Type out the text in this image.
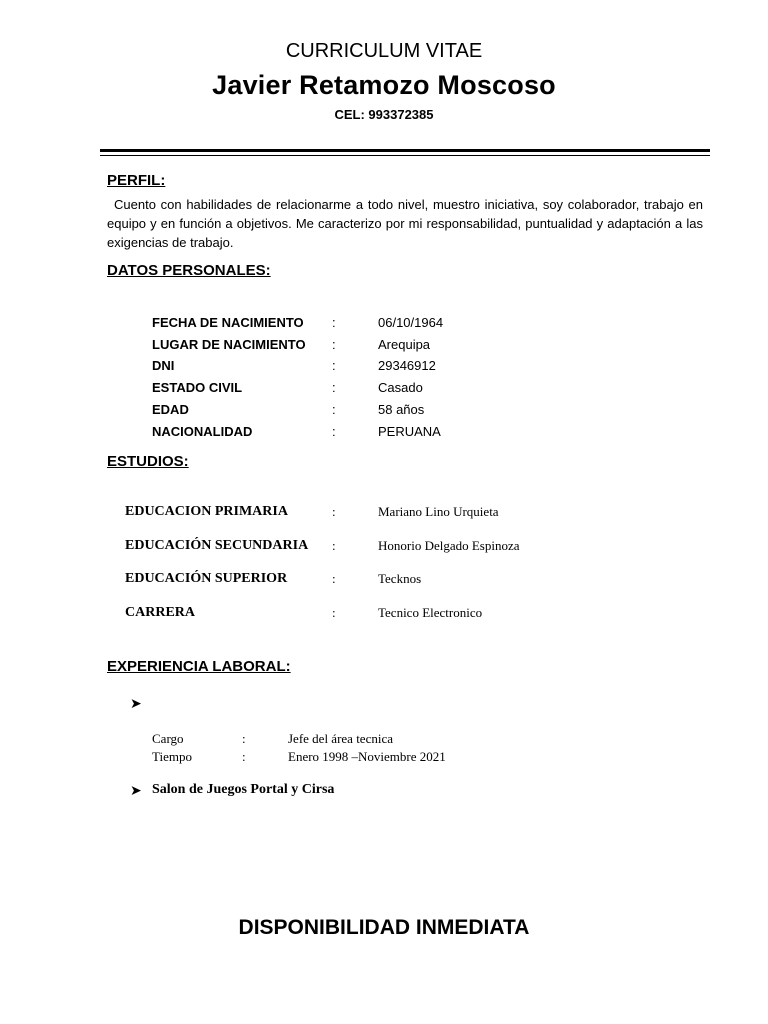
CURRICULUM VITAE
Javier Retamozo Moscoso
CEL: 993372385
PERFIL:
Cuento con habilidades de relacionarme a todo nivel, muestro iniciativa, soy colaborador, trabajo en equipo y en función a objetivos. Me caracterizo por mi responsabilidad, puntualidad y adaptación a las exigencias de trabajo.
DATOS PERSONALES:
FECHA DE NACIMIENTO :	06/10/1964
LUGAR DE NACIMIENTO :	Arequipa
DNI	:	29346912
ESTADO CIVIL	:	Casado
EDAD	:	58 años
NACIONALIDAD	:	PERUANA
ESTUDIOS:
EDUCACION PRIMARIA	:	Mariano Lino Urquieta
EDUCACIÓN SECUNDARIA :	Honorio Delgado Espinoza
EDUCACIÓN SUPERIOR	:	Tecknos
CARRERA	:	Tecnico Electronico
EXPERIENCIA LABORAL:
➤
Cargo	:	Jefe del área tecnica
Tiempo	:	Enero 1998 –Noviembre 2021
➤ Salon de Juegos Portal y Cirsa
DISPONIBILIDAD INMEDIATA
